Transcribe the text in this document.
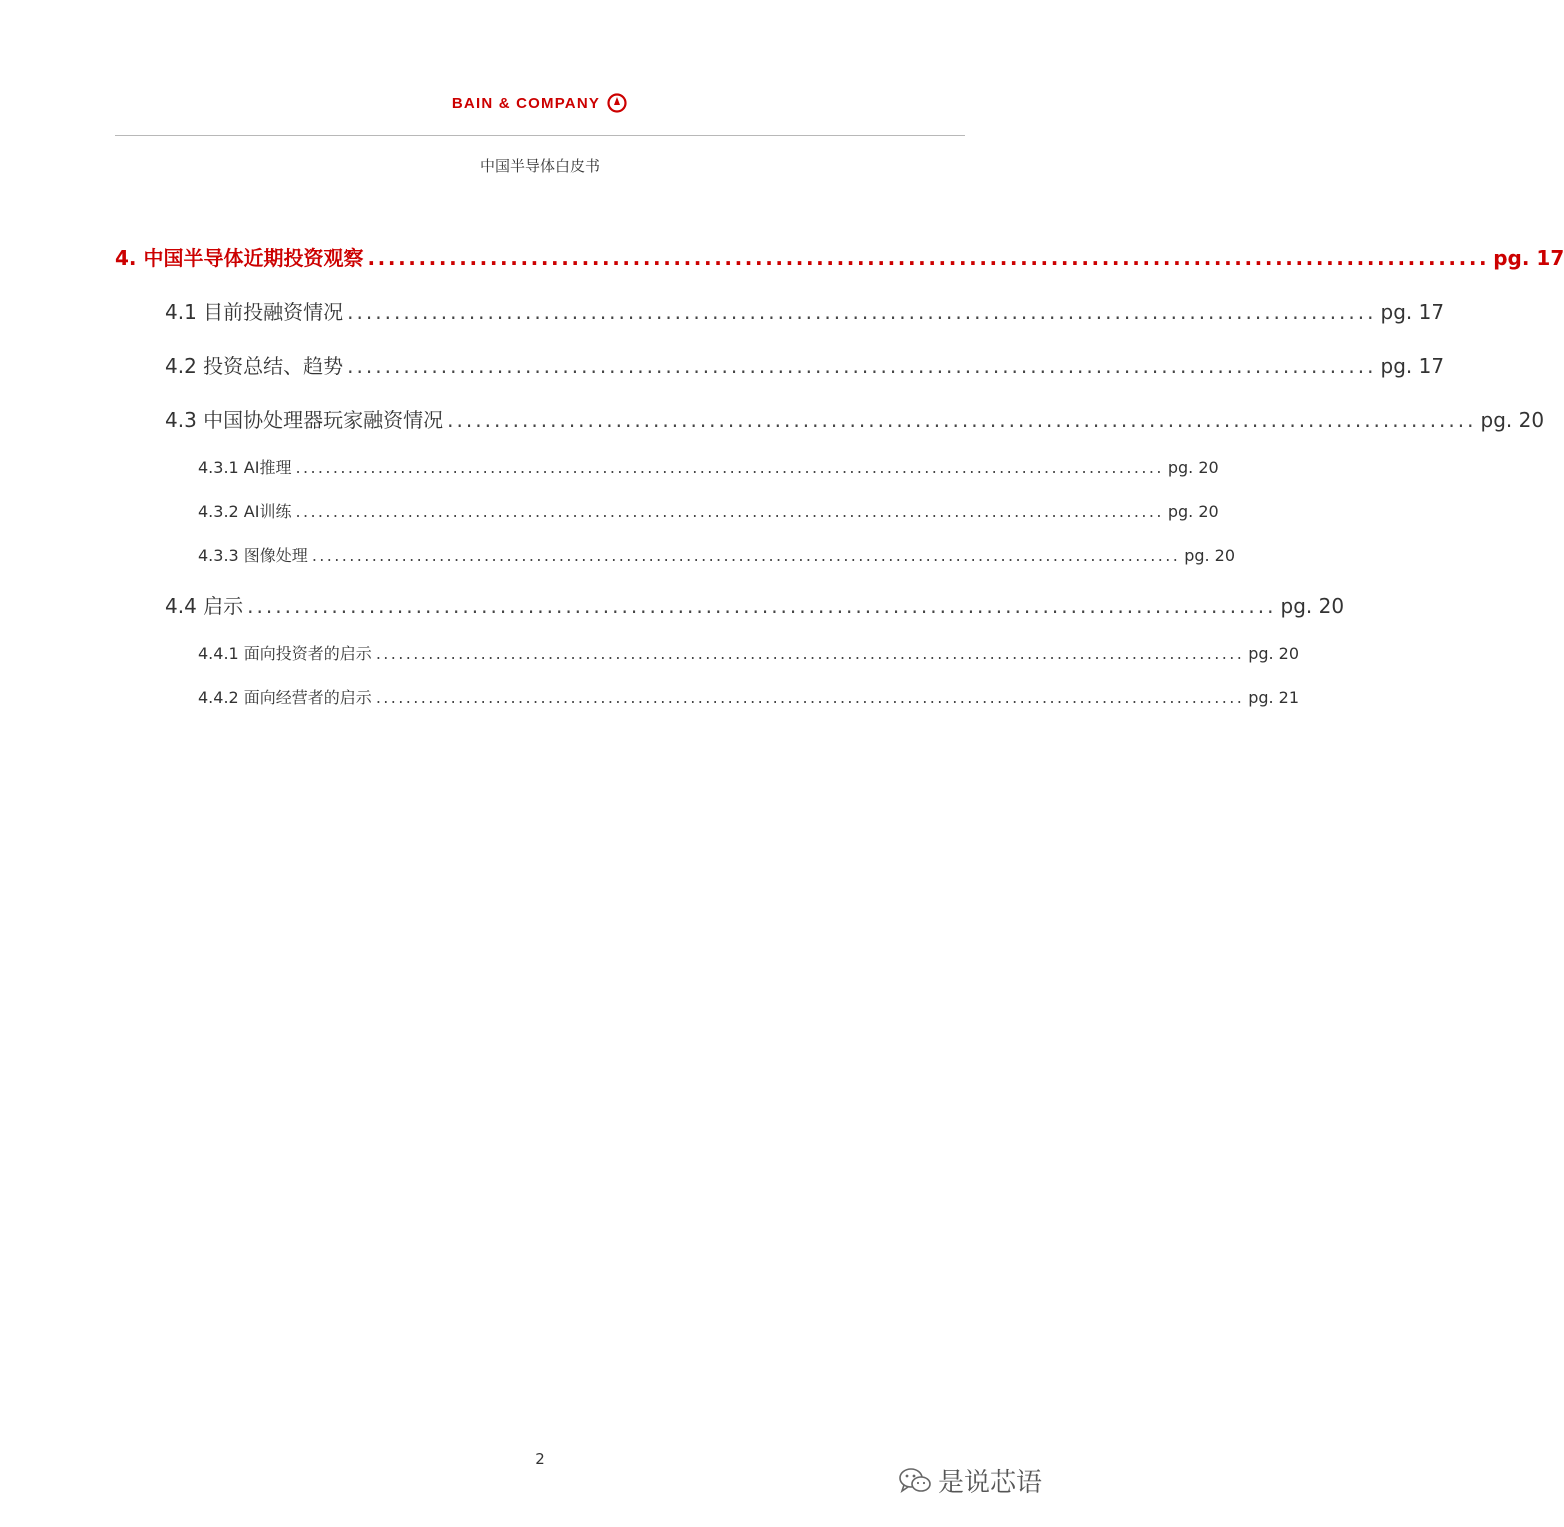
BAIN & COMPANY
中国半导体白皮书
4. 中国半导体近期投资观察 .............................................................................................................. pg. 17
4.1 目前投融资情况 .............................................................................................................. pg. 17
4.2 投资总结、趋势 .............................................................................................................. pg. 17
4.3 中国协处理器玩家融资情况 .............................................................................................................. pg. 20
4.3.1 AI推理 .................................................................................................................... pg. 20
4.3.2 AI训练 .................................................................................................................... pg. 20
4.3.3 图像处理 .................................................................................................................... pg. 20
4.4 启示 .............................................................................................................. pg. 20
4.4.1 面向投资者的启示 .................................................................................................................... pg. 20
4.4.2 面向经营者的启示 .................................................................................................................... pg. 21
2
是说芯语
